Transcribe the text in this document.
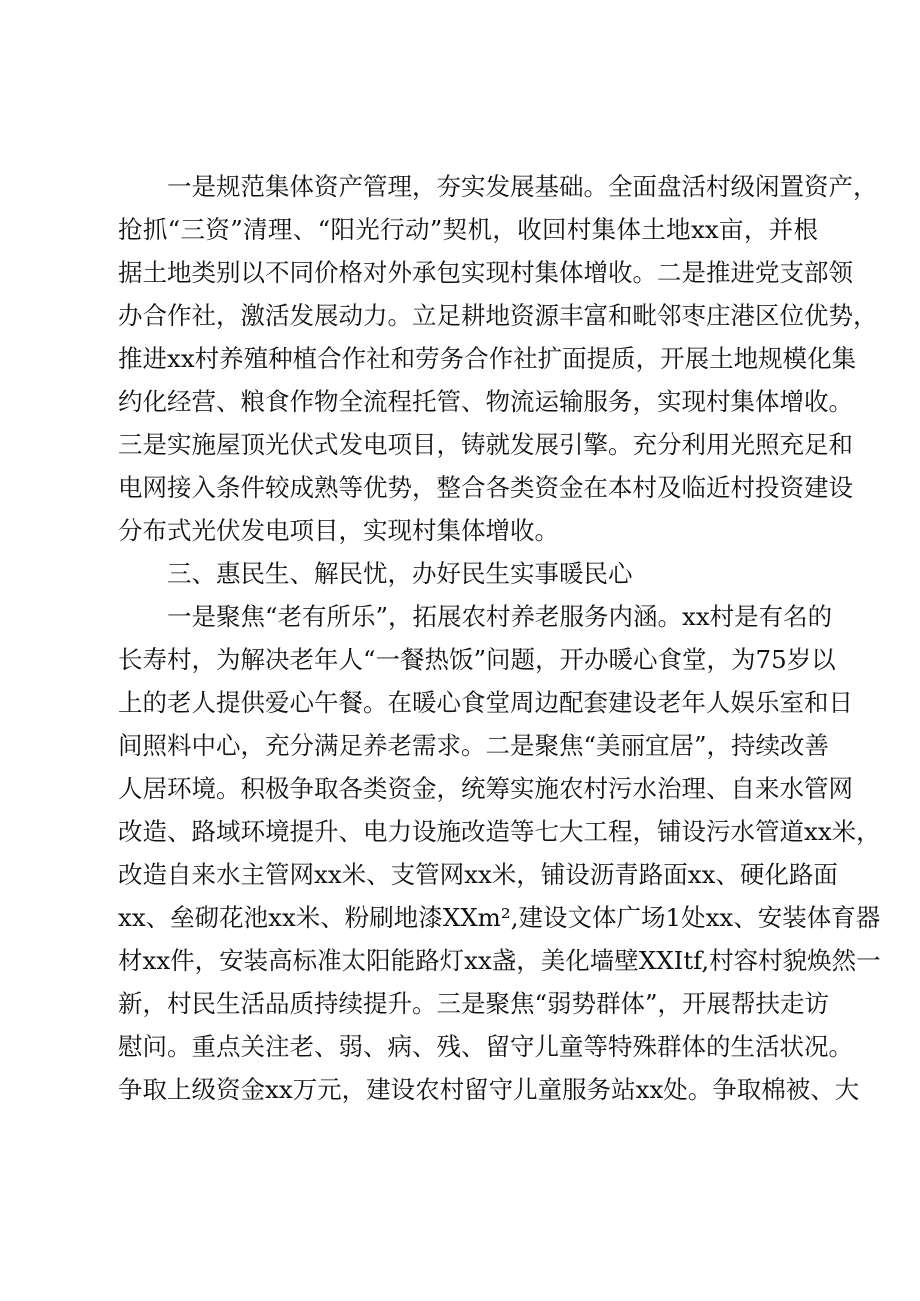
一是规范集体资产管理，夯实发展基础。全面盘活村级闲置资产，
抢抓“三资”清理、“阳光行动”契机，收回村集体土地xx亩，并根
据土地类别以不同价格对外承包实现村集体增收。二是推进党支部领
办合作社，激活发展动力。立足耕地资源丰富和毗邻枣庄港区位优势，
推进xx村养殖种植合作社和劳务合作社扩面提质，开展土地规模化集
约化经营、粮食作物全流程托管、物流运输服务，实现村集体增收。
三是实施屋顶光伏式发电项目，铸就发展引擎。充分利用光照充足和
电网接入条件较成熟等优势，整合各类资金在本村及临近村投资建设
分布式光伏发电项目，实现村集体增收。
三、惠民生、解民忧，办好民生实事暖民心
一是聚焦“老有所乐”，拓展农村养老服务内涵。xx村是有名的
长寿村，为解决老年人“一餐热饭”问题，开办暖心食堂，为75岁以
上的老人提供爱心午餐。在暖心食堂周边配套建设老年人娱乐室和日
间照料中心，充分满足养老需求。二是聚焦“美丽宜居”，持续改善
人居环境。积极争取各类资金，统筹实施农村污水治理、自来水管网
改造、路域环境提升、电力设施改造等七大工程，铺设污水管道xx米，
改造自来水主管网xx米、支管网xx米，铺设沥青路面xx、硬化路面
xx、垒砌花池xx米、粉刷地漆XXm²,建设文体广场1处xx、安装体育器
材xx件，安装高标准太阳能路灯xx盏，美化墙壁XXItf,村容村貌焕然一
新，村民生活品质持续提升。三是聚焦“弱势群体”，开展帮扶走访
慰问。重点关注老、弱、病、残、留守儿童等特殊群体的生活状况。
争取上级资金xx万元，建设农村留守儿童服务站xx处。争取棉被、大
